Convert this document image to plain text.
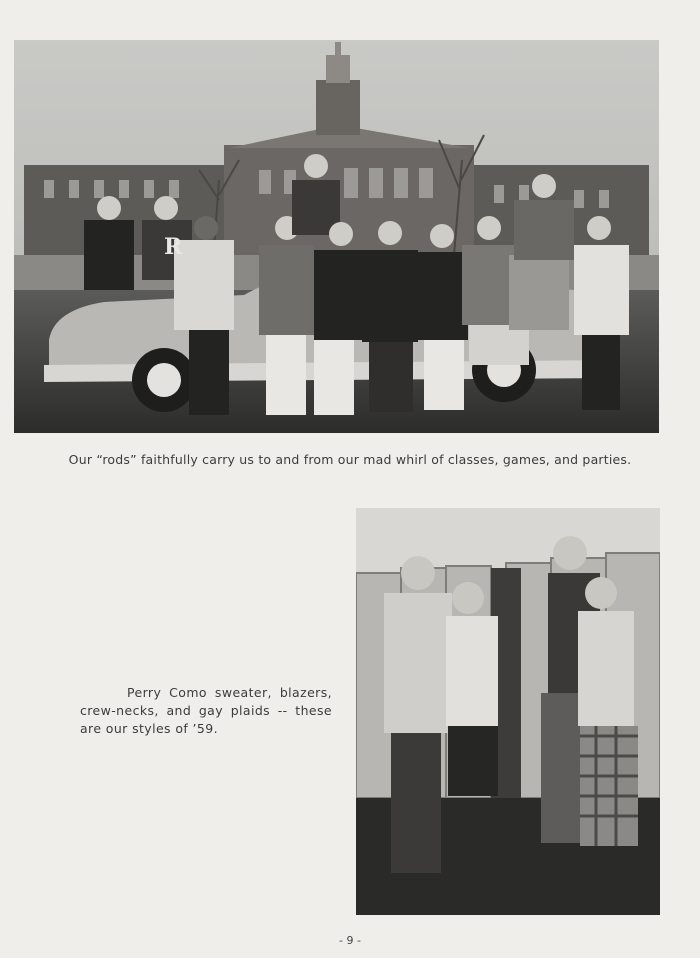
R
Our “rods” faithfully carry us to and from our mad whirl of classes, games, and parties.
Perry Como sweater, blazers, crew-necks, and gay plaids -- these are our styles of ’59.
- 9 -
